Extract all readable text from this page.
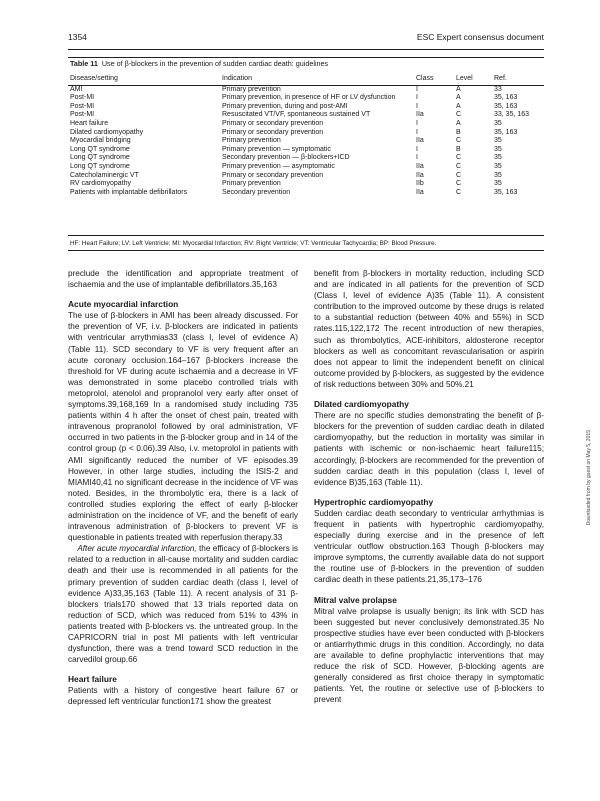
1354	ESC Expert consensus document
Table 11 Use of β-blockers in the prevention of sudden cardiac death: guidelines
Disease/setting	Indication	Class	Level	Ref.
AMI	Primary prevention	I	A	33
Post-MI	Primary prevention, in presence of HF or LV dysfunction	I	A	35, 163
Post-MI	Primary prevention, during and post-AMI	I	A	35, 163
Post-MI	Resuscitated VT/VF, spontaneous sustained VT	IIa	C	33, 35, 163
Heart failure	Primary or secondary prevention	I	A	35
Dilated cardiomyopathy	Primary or secondary prevention	I	B	35, 163
Myocardial bridging	Primary prevention	IIa	C	35
Long QT syndrome	Primary prevention — symptomatic	I	B	35
Long QT syndrome	Secondary prevention — β-blockers+ICD	I	C	35
Long QT syndrome	Primary prevention — asymptomatic	IIa	C	35
Catecholaminergic VT	Primary or secondary prevention	IIa	C	35
RV cardiomyopathy	Primary prevention	IIb	C	35
Patients with implantable defibrillators	Secondary prevention	IIa	C	35, 163
HF: Heart Failure; LV: Left Ventricle; MI: Myocardial Infarction; RV: Right Ventricle; VT: Ventricular Tachycardia; BP: Blood Pressure.

preclude the identification and appropriate treatment of ischaemia and the use of implantable defibrillators.35,163

Acute myocardial infarction

The use of β-blockers in AMI has been already discussed. For the prevention of VF, i.v. β-blockers are indicated in patients with ventricular arrythmias33 (class I, level of evidence A) (Table 11). SCD secondary to VF is very frequent after an acute coronary occlusion.164–167 β-blockers increase the threshold for VF during acute ischaemia and a decrease in VF was demonstrated in some placebo controlled trials with metoprolol, atenolol and propranolol very early after onset of symptoms.39,168,169 In a randomised study including 735 patients within 4 h after the onset of chest pain, treated with intravenous propranolol followed by oral administration, VF occurred in two patients in the β-blocker group and in 14 of the control group (p < 0.06).39 Also, i.v. metoprolol in patients with AMI significantly reduced the number of VF episodes.39 However, in other large studies, including the ISIS-2 and MIAMI40,41 no significant decrease in the incidence of VF was noted. Besides, in the thrombolytic era, there is a lack of controlled studies exploring the effect of early β-blocker administration on the incidence of VF, and the benefit of early intravenous administration of β-blockers to prevent VF is questionable in patients treated with reperfusion therapy.33

After acute myocardial infarction, the efficacy of β-blockers is related to a reduction in all-cause mortality and sudden cardiac death and their use is recommended in all patients for the primary prevention of sudden cardiac death (class I, level of evidence A)33,35,163 (Table 11). A recent analysis of 31 β-blockers trials170 showed that 13 trials reported data on reduction of SCD, which was reduced from 51% to 43% in patients treated with β-blockers vs. the untreated group. In the CAPRICORN trial in post MI patients with left ventricular dysfunction, there was a trend toward SCD reduction in the carvedilol group.66

Heart failure

Patients with a history of congestive heart failure 67 or depressed left ventricular function171 show the greatest

benefit from β-blockers in mortality reduction, including SCD and are indicated in all patients for the prevention of SCD (Class I, level of evidence A)35 (Table 11). A consistent contribution to the improved outcome by these drugs is related to a substantial reduction (between 40% and 55%) in SCD rates.115,122,172 The recent introduction of new therapies, such as thrombolytics, ACE-inhibitors, aldosterone receptor blockers as well as concomitant revascularisation or aspirin does not appear to limit the independent benefit on clinical outcome provided by β-blockers, as suggested by the evidence of risk reductions between 30% and 50%.21

Dilated cardiomyopathy

There are no specific studies demonstrating the benefit of β-blockers for the prevention of sudden cardiac death in dilated cardiomyopathy, but the reduction in mortality was similar in patients with ischemic or non-ischaemic heart failure115; accordingly, β-blockers are recommended for the prevention of sudden cardiac death in this population (class I, level of evidence B)35,163 (Table 11).

Hypertrophic cardiomyopathy

Sudden cardiac death secondary to ventricular arrhythmias is frequent in patients with hypertrophic cardiomyopathy, especially during exercise and in the presence of left ventricular outflow obstruction.163 Though β-blockers may improve symptoms, the currently available data do not support the routine use of β-blockers in the prevention of sudden cardiac death in these patients.21,35,173–176

Mitral valve prolapse

Mitral valve prolapse is usually benign; its link with SCD has been suggested but never conclusively demonstrated.35 No prospective studies have ever been conducted with β-blockers or antiarrhythmic drugs in this condition. Accordingly, no data are available to define prophylactic interventions that may reduce the risk of SCD. However, β-blocking agents are generally considered as first choice therapy in symptomatic patients. Yet, the routine or selective use of β-blockers to prevent

Downloaded from by guest on May 5, 2015
